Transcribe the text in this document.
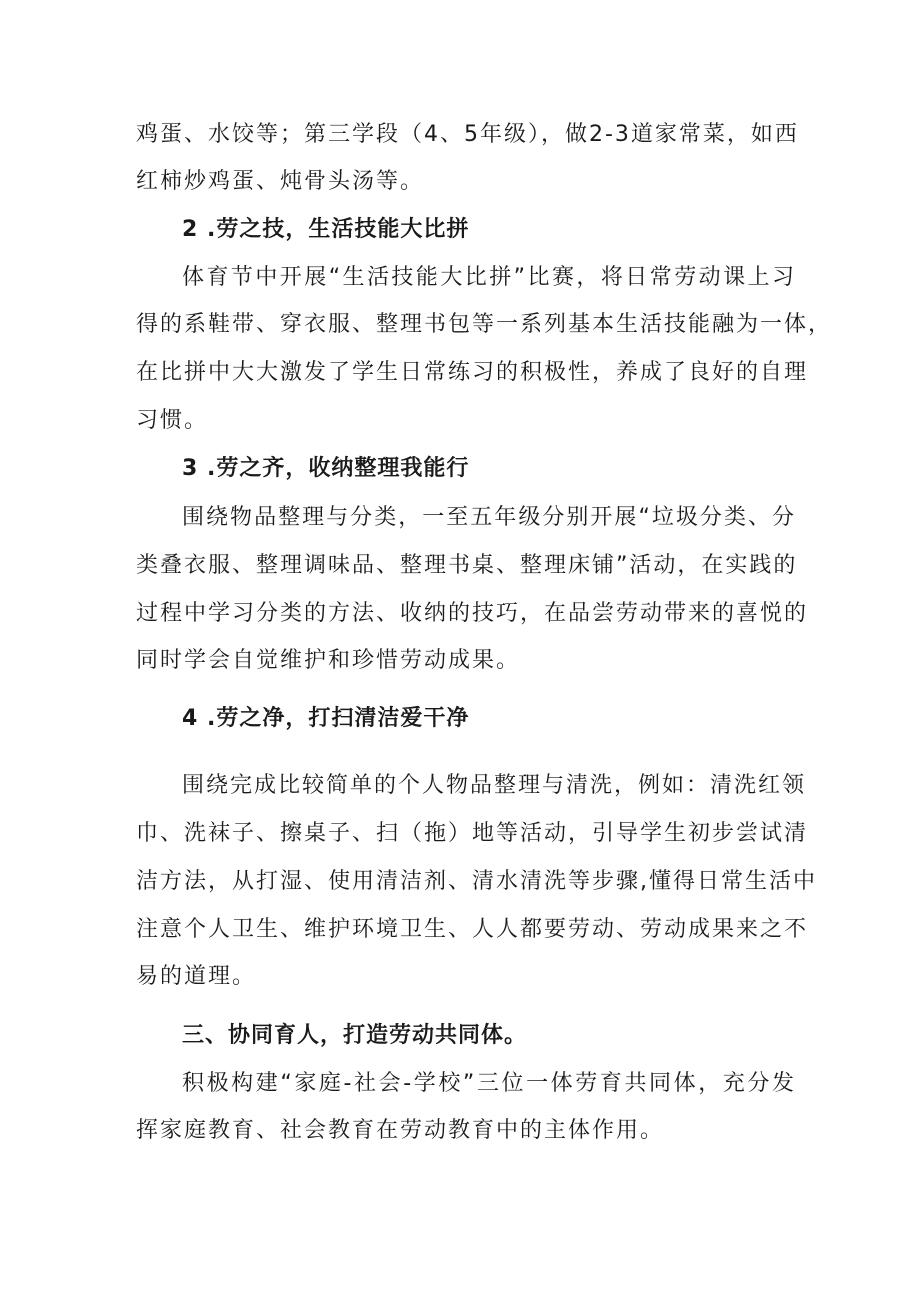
鸡蛋、水饺等；第三学段（4、5年级），做2-3道家常菜，如西
红柿炒鸡蛋、炖骨头汤等。
2 .劳之技，生活技能大比拼
体育节中开展“生活技能大比拼”比赛，将日常劳动课上习
得的系鞋带、穿衣服、整理书包等一系列基本生活技能融为一体，
在比拼中大大激发了学生日常练习的积极性，养成了良好的自理
习惯。
3 .劳之齐，收纳整理我能行
围绕物品整理与分类，一至五年级分别开展“垃圾分类、分
类叠衣服、整理调味品、整理书桌、整理床铺”活动，在实践的
过程中学习分类的方法、收纳的技巧，在品尝劳动带来的喜悦的
同时学会自觉维护和珍惜劳动成果。
4 .劳之净，打扫清洁爱干净
围绕完成比较简单的个人物品整理与清洗，例如：清洗红领
巾、洗袜子、擦桌子、扫（拖）地等活动，引导学生初步尝试清
洁方法，从打湿、使用清洁剂、清水清洗等步骤,懂得日常生活中
注意个人卫生、维护环境卫生、人人都要劳动、劳动成果来之不
易的道理。
三、协同育人，打造劳动共同体。
积极构建“家庭-社会-学校”三位一体劳育共同体，充分发
挥家庭教育、社会教育在劳动教育中的主体作用。
